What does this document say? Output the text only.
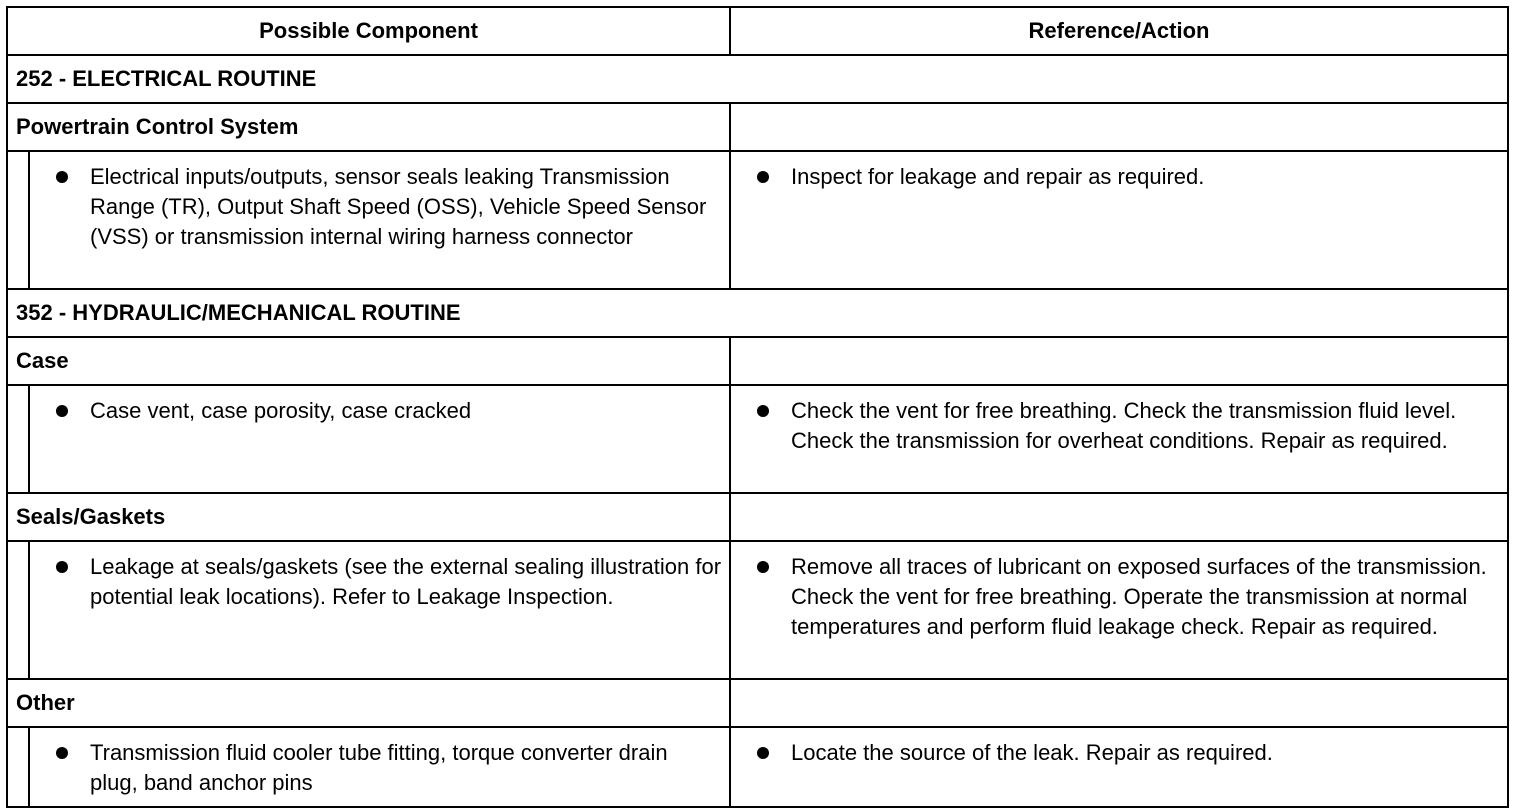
Possible Component		Reference/Action
252 - ELECTRICAL ROUTINE		
Powertrain Control System		

	Electrical inputs/outputs, sensor seals leaking Transmission Range (TR), Output Shaft Speed (OSS), Vehicle Speed Sensor (VSS) or transmission internal wiring harness connector	Inspect for leakage and repair as required.

352 - HYDRAULIC/MECHANICAL ROUTINE		
Case		

	Case vent, case porosity, case cracked	Check the vent for free breathing. Check the transmission fluid level. Check the transmission for overheat conditions. Repair as required.

Seals/Gaskets		

	Leakage at seals/gaskets (see the external sealing illustration for potential leak locations). Refer to Leakage Inspection.	Remove all traces of lubricant on exposed surfaces of the transmission. Check the vent for free breathing. Operate the transmission at normal temperatures and perform fluid leakage check. Repair as required.

Other		

	Transmission fluid cooler tube fitting, torque converter drain plug, band anchor pins	Locate the source of the leak. Repair as required.
